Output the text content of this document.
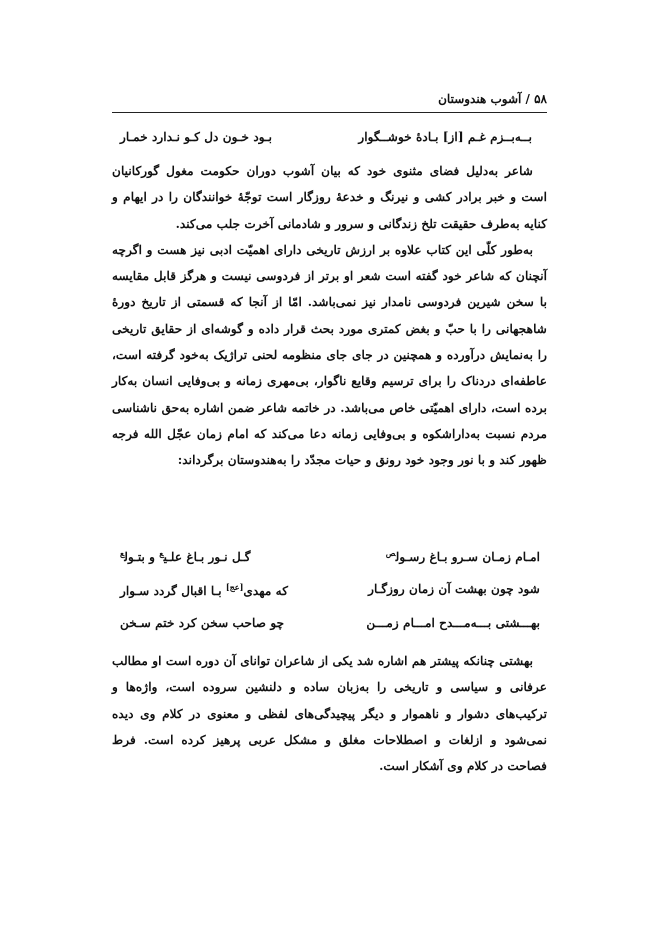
۵۸ / آشوب هندوستان
بــه‌بــزم غـم [از] بـادۀ خوشــگوار
بـود خـون دل کـو نـدارد خمـار

شاعر به‌دلیل فضای مثنوی خود که بیان آشوب دوران حکومت مغول گورکانیان است و خبر برادر کشی و نیرنگ و خدعۀ روزگار است توجّۀ خوانندگان را در ایهام و کنایه به‌طرف حقیقت تلخ زندگانی و سرور و شادمانی آخرت جلب می‌کند.

به‌طور کلّی این کتاب علاوه بر ارزش تاریخی دارای اهمیّت ادبی نیز هست و اگرچه آنچنان که شاعر خود گفته است شعر او برتر از فردوسی نیست و هرگز قابل مقایسه با سخن شیرین فردوسی نامدار نیز نمی‌باشد. امّا از آنجا که قسمتی از تاریخ دورۀ شاهجهانی را با حبّ و بغض کمتری مورد بحث قرار داده و گوشه‌ای از حقایق تاریخی را به‌نمایش درآورده و همچنین در جای جای منظومه لحنی تراژیک به‌خود گرفته است، عاطفه‌ای دردناک را برای ترسیم وقایع ناگوار، بی‌مهری زمانه و بی‌وفایی انسان به‌کار برده است، دارای اهمیّتی خاص می‌باشد. در خاتمه شاعر ضمن اشاره به‌حق ناشناسی مردم نسبت به‌داراشکوه و بی‌وفایی زمانه دعا می‌کند که امام زمان عجّل الله فرجه ظهور کند و با نور وجود خود رونق و حیات مجدّد را به‌هندوستان برگرداند:

امـام زمـان سـرو بـاغ رسـول$^ص$
گـل نـور بـاغ علـی$^ع$ و بتـول$^ع$
شود چون بهشت آن زمان روزگـار
که مهدی[عج] بـا اقبال گردد سـوار
بهـــشتی بـــه‌مـــدح امـــام زمـــن
چو صاحب سخن کرد ختم سـخن

بهشتی چنانکه پیشتر هم اشاره شد یکی از شاعران توانای آن دوره است او مطالب عرفانی و سیاسی و تاریخی را به‌زبان ساده و دلنشین سروده است، واژه‌ها و ترکیب‌های دشوار و ناهموار و دیگر پیچیدگی‌های لفظی و معنوی در کلام وی دیده نمی‌شود و ازلغات و اصطلاحات مغلق و مشکل عربی پرهیز کرده است. فرط فصاحت در کلام وی آشکار است.
